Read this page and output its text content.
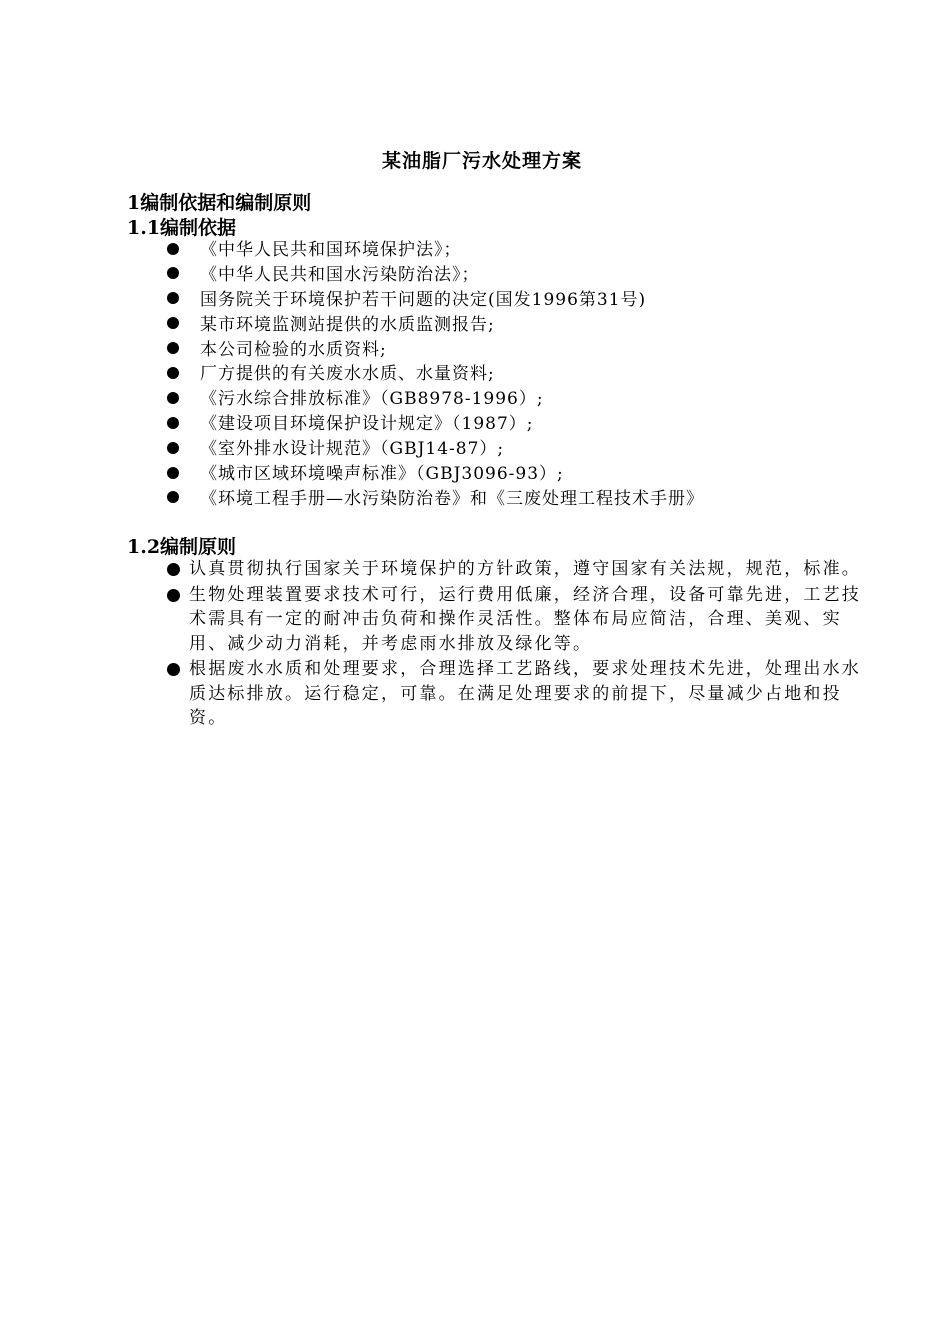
某油脂厂污水处理方案
1编制依据和编制原则
1.1编制依据
《中华人民共和国环境保护法》；
《中华人民共和国水污染防治法》；
国务院关于环境保护若干问题的决定(国发1996第31号)
某市环境监测站提供的水质监测报告;
本公司检验的水质资料;
厂方提供的有关废水水质、水量资料;
《污水综合排放标准》（GB8978-1996）;
《建设项目环境保护设计规定》（1987）;
《室外排水设计规范》（GBJ14-87）;
《城市区域环境噪声标准》（GBJ3096-93）;
《环境工程手册—水污染防治卷》和《三废处理工程技术手册》
1.2编制原则
认真贯彻执行国家关于环境保护的方针政策，遵守国家有关法规，规范，标准。
生物处理装置要求技术可行，运行费用低廉，经济合理，设备可靠先进，工艺技术需具有一定的耐冲击负荷和操作灵活性。整体布局应简洁，合理、美观、实用、减少动力消耗，并考虑雨水排放及绿化等。
根据废水水质和处理要求，合理选择工艺路线，要求处理技术先进，处理出水水质达标排放。运行稳定，可靠。在满足处理要求的前提下，尽量减少占地和投资。
